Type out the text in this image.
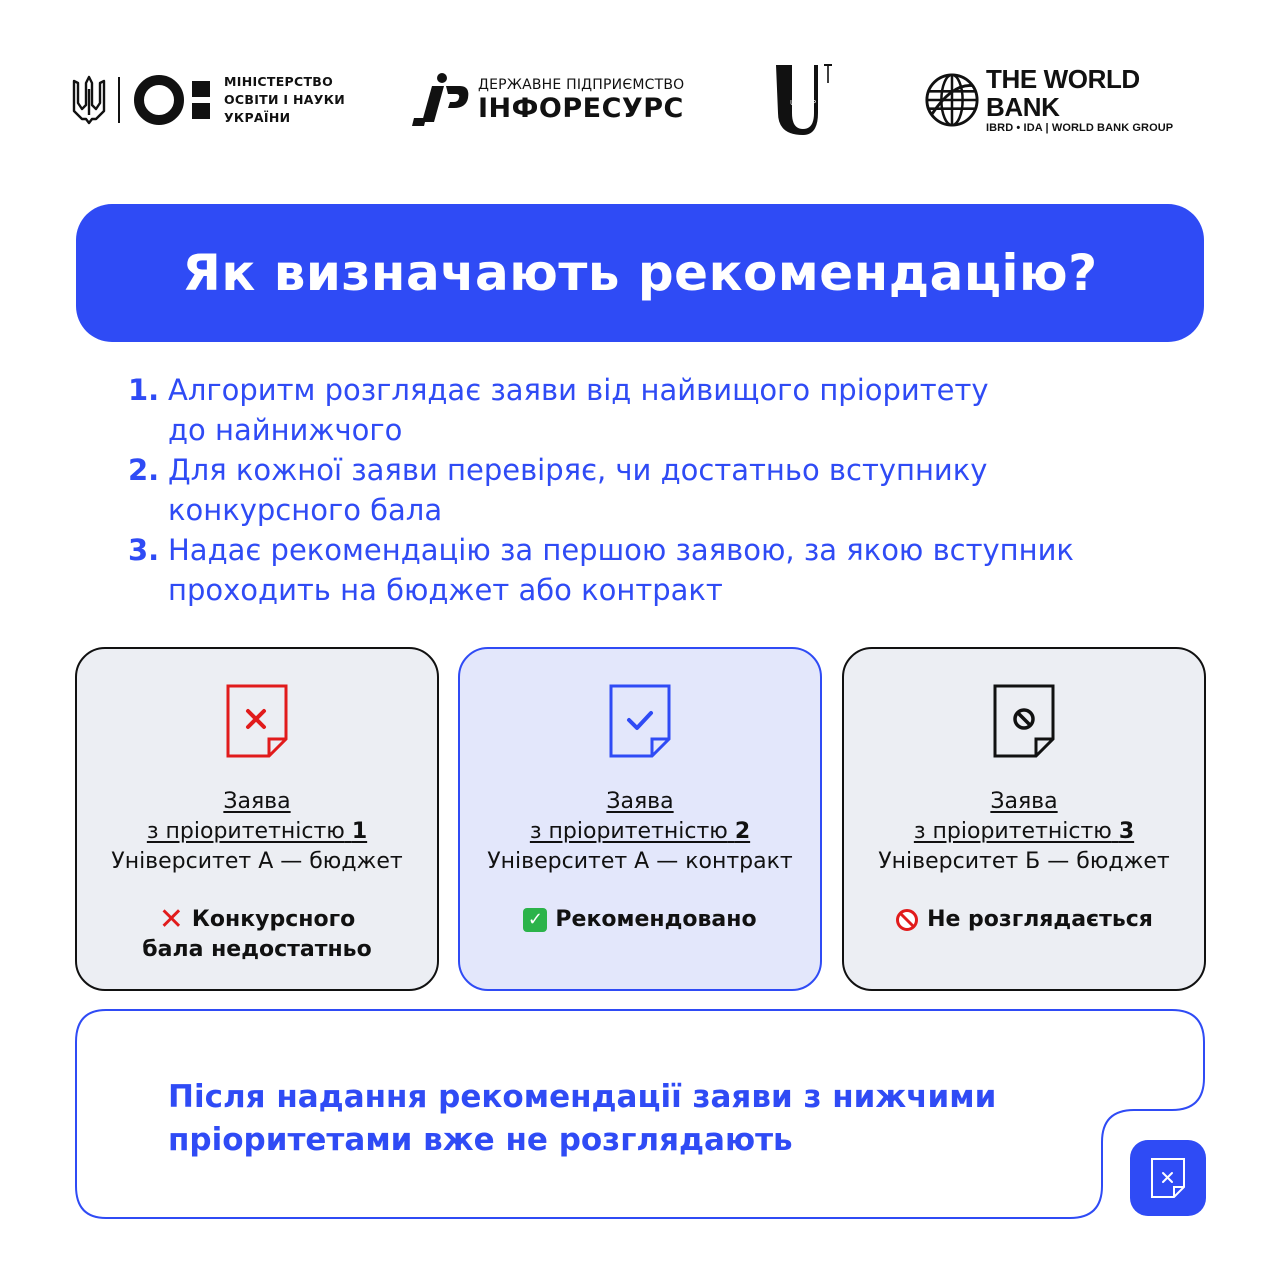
МІНІСТЕРСТВО
ОСВІТИ І НАУКИ
УКРАЇНИ
ДЕРЖАВНЕ ПІДПРИЄМСТВО
ІНФОРЕСУРС	UIHERP
THE WORLD BANK
IBRD • IDA | WORLD BANK GROUP
Як визначають рекомендацію?
1. Алгоритм розглядає заяви від найвищого пріоритету
до найнижчого
2. Для кожної заяви перевіряє, чи достатньо вступнику
конкурсного бала
3. Надає рекомендацію за першою заявою, за якою вступник
проходить на бюджет або контракт
Заява
з пріоритетністю 1
Університет А — бюджет
✕ Конкурсного
бала недостатньо
Заява
з пріоритетністю 2
Університет А — контракт
✓ Рекомендовано
Заява
з пріоритетністю 3
Університет Б — бюджет
Не розглядається
Після надання рекомендації заяви з нижчими
пріоритетами вже не розглядають
